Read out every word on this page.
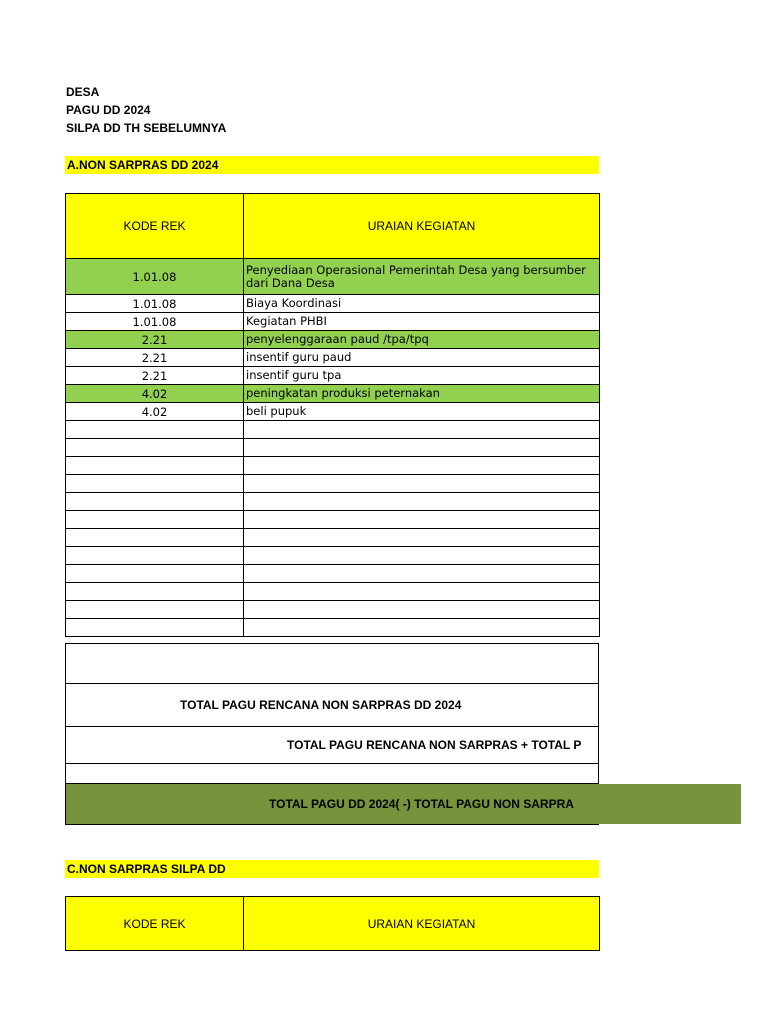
DESA
PAGU DD 2024
SILPA DD TH SEBELUMNYA
A.NON SARPRAS DD 2024
KODE REK	URAIAN KEGIATAN
1.01.08	Penyediaan Operasional Pemerintah Desa yang bersumber dari Dana Desa
1.01.08	Biaya Koordinasi
1.01.08	Kegiatan PHBI
2.21	penyelenggaraan paud /tpa/tpq
2.21	insentif guru paud
2.21	insentif guru tpa
4.02	peningkatan produksi peternakan
4.02	beli pupuk

TOTAL PAGU RENCANA NON SARPRAS DD 2024
TOTAL PAGU RENCANA NON SARPRAS + TOTAL P
TOTAL PAGU DD 2024( -) TOTAL PAGU NON SARPRA
C.NON SARPRAS SILPA DD
KODE REK	URAIAN KEGIATAN
